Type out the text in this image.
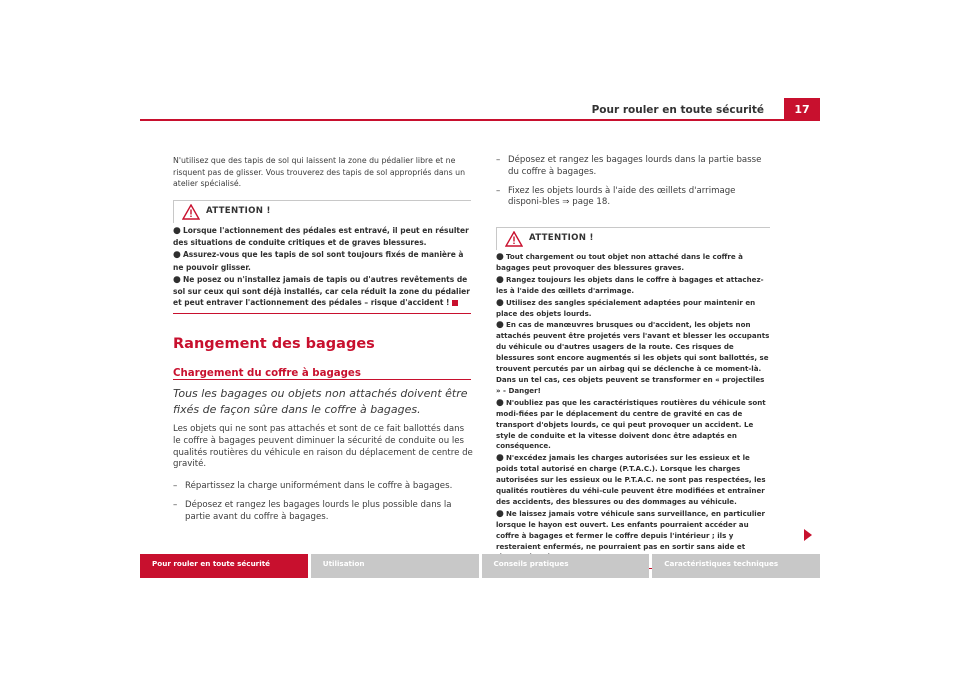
Pour rouler en toute sécurité	17
N'utilisez que des tapis de sol qui laissent la zone du pédalier libre et ne risquent pas de glisser. Vous trouverez des tapis de sol appropriés dans un atelier spécialisé.
ATTENTION !
● Lorsque l'actionnement des pédales est entravé, il peut en résulter des situations de conduite critiques et de graves blessures.
● Assurez-vous que les tapis de sol sont toujours fixés de manière à ne pouvoir glisser.
● Ne posez ou n'installez jamais de tapis ou d'autres revêtements de sol sur ceux qui sont déjà installés, car cela réduit la zone du pédalier et peut entraver l'actionnement des pédales – risque d'accident !
Rangement des bagages
Chargement du coffre à bagages
Tous les bagages ou objets non attachés doivent être fixés de façon sûre dans le coffre à bagages.
Les objets qui ne sont pas attachés et sont de ce fait ballottés dans le coffre à bagages peuvent diminuer la sécurité de conduite ou les qualités routières du véhicule en raison du déplacement de centre de gravité.
– Répartissez la charge uniformément dans le coffre à bagages.
– Déposez et rangez les bagages lourds le plus possible dans la partie avant du coffre à bagages.
– Déposez et rangez les bagages lourds dans la partie basse du coffre à bagages.
– Fixez les objets lourds à l'aide des œillets d'arrimage disponi-bles ⇒ page 18.
ATTENTION !
● Tout chargement ou tout objet non attaché dans le coffre à bagages peut provoquer des blessures graves.
● Rangez toujours les objets dans le coffre à bagages et attachez-les à l'aide des œillets d'arrimage.
● Utilisez des sangles spécialement adaptées pour maintenir en place des objets lourds.
● En cas de manœuvres brusques ou d'accident, les objets non attachés peuvent être projetés vers l'avant et blesser les occupants du véhicule ou d'autres usagers de la route. Ces risques de blessures sont encore augmentés si les objets qui sont ballottés, se trouvent percutés par un airbag qui se déclenche à ce moment-là. Dans un tel cas, ces objets peuvent se transformer en « projectiles » - Danger!
● N'oubliez pas que les caractéristiques routières du véhicule sont modi-fiées par le déplacement du centre de gravité en cas de transport d'objets lourds, ce qui peut provoquer un accident. Le style de conduite et la vitesse doivent donc être adaptés en conséquence.
● N'excédez jamais les charges autorisées sur les essieux et le poids total autorisé en charge (P.T.A.C.). Lorsque les charges autorisées sur les essieux ou le P.T.A.C. ne sont pas respectées, les qualités routières du véhi-cule peuvent être modifiées et entraîner des accidents, des blessures ou des dommages au véhicule.
● Ne laissez jamais votre véhicule sans surveillance, en particulier lorsque le hayon est ouvert. Les enfants pourraient accéder au coffre à bagages et fermer le coffre depuis l'intérieur ; ils y resteraient enfermés, ne pourraient pas en sortir sans aide et
Pour rouler en toute sécurité	Utilisation	Conseils pratiques	Caractéristiques techniques
